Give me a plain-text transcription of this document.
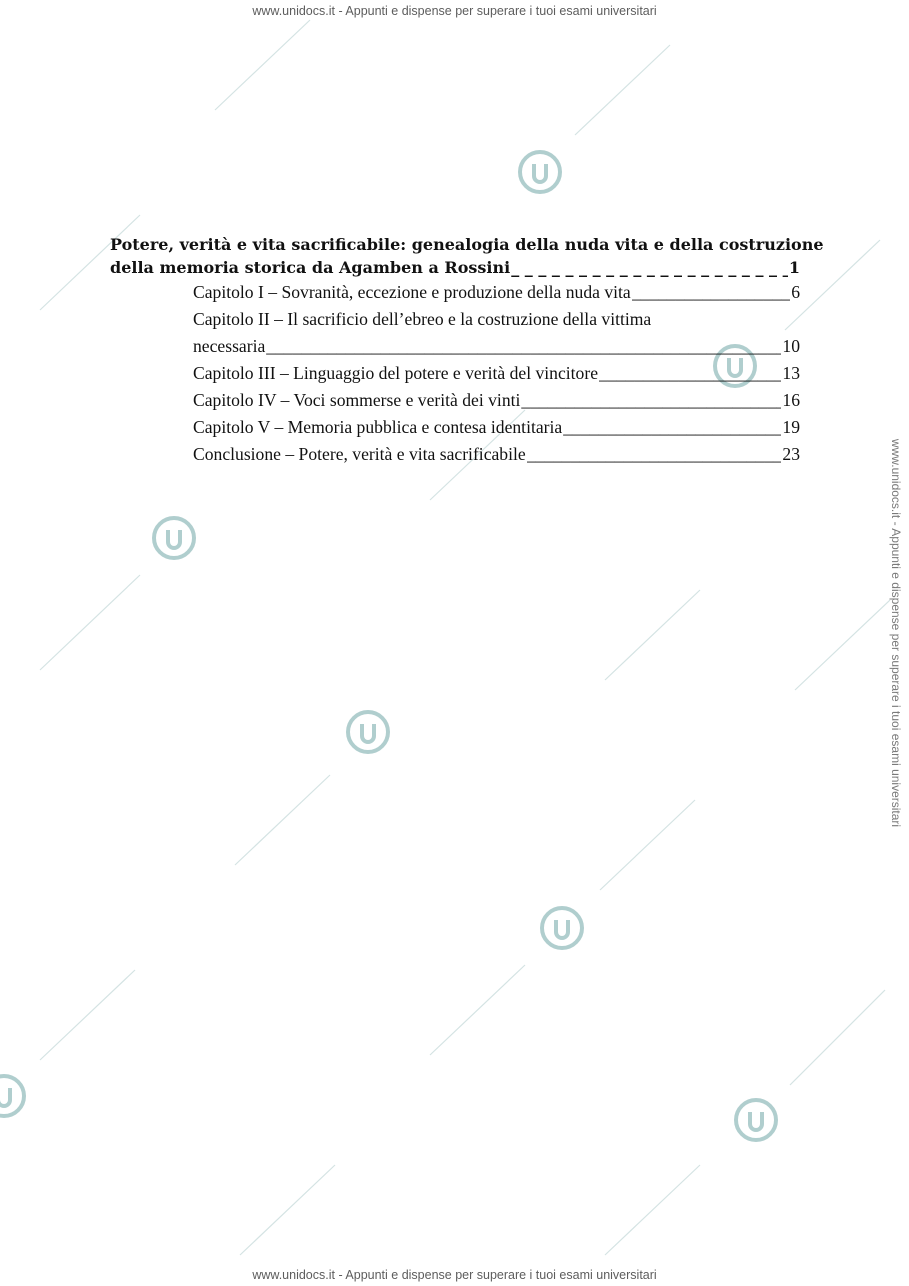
www.unidocs.it - Appunti e dispense per superare i tuoi esami universitari
www.unidocs.it - Appunti e dispense per superare i tuoi esami universitari
www.unidocs.it - Appunti e dispense per superare i tuoi esami universitari
Potere, verità e vita sacrificabile: genealogia della nuda vita e della costruzione
della memoria storica da Agamben a Rossini _ _ _	1
Capitolo I – Sovranità, eccezione e produzione della nuda vita _____	6
Capitolo II – Il sacrificio dell’ebreo e la costruzione della vittima
necessaria _____	10
Capitolo III – Linguaggio del potere e verità del vincitore _____	13
Capitolo IV – Voci sommerse e verità dei vinti _____	16
Capitolo V – Memoria pubblica e contesa identitaria _____	19
Conclusione – Potere, verità e vita sacrificabile _____	23
